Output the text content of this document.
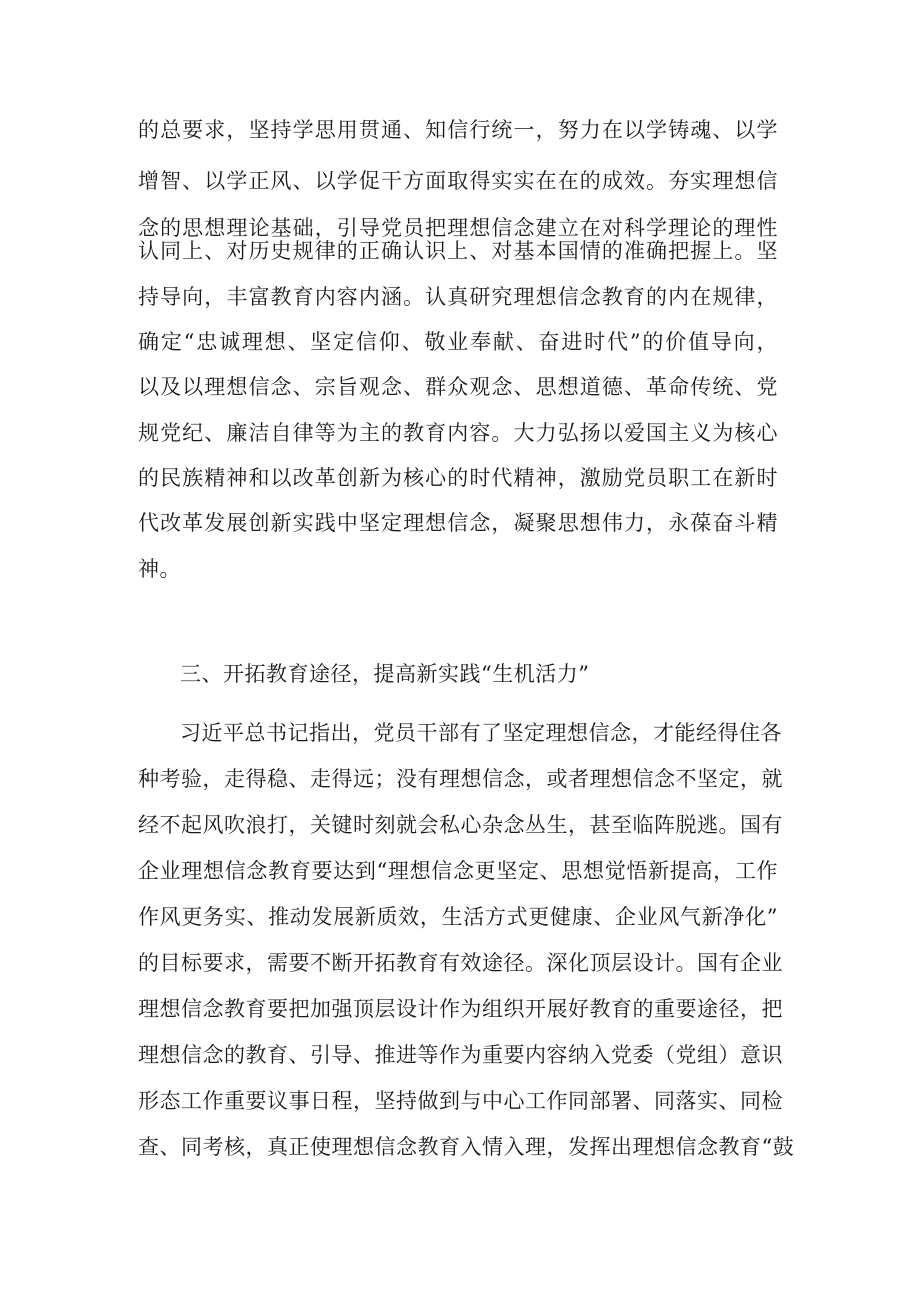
的总要求，坚持学思用贯通、知信行统一，努力在以学铸魂、以学

增智、以学正风、以学促干方面取得实实在在的成效。夯实理想信

念的思想理论基础，引导党员把理想信念建立在对科学理论的理性

认同上、对历史规律的正确认识上、对基本国情的准确把握上。坚

持导向，丰富教育内容内涵。认真研究理想信念教育的内在规律，

确定“忠诚理想、坚定信仰、敬业奉献、奋进时代”的价值导向，

以及以理想信念、宗旨观念、群众观念、思想道德、革命传统、党

规党纪、廉洁自律等为主的教育内容。大力弘扬以爱国主义为核心

的民族精神和以改革创新为核心的时代精神，激励党员职工在新时

代改革发展创新实践中坚定理想信念，凝聚思想伟力，永葆奋斗精

神。

三、开拓教育途径，提高新实践“生机活力”

习近平总书记指出，党员干部有了坚定理想信念，才能经得住各

种考验，走得稳、走得远；没有理想信念，或者理想信念不坚定，就

经不起风吹浪打，关键时刻就会私心杂念丛生，甚至临阵脱逃。国有

企业理想信念教育要达到“理想信念更坚定、思想觉悟新提高，工作

作风更务实、推动发展新质效，生活方式更健康、企业风气新净化”

的目标要求，需要不断开拓教育有效途径。深化顶层设计。国有企业

理想信念教育要把加强顶层设计作为组织开展好教育的重要途径，把

理想信念的教育、引导、推进等作为重要内容纳入党委（党组）意识

形态工作重要议事日程，坚持做到与中心工作同部署、同落实、同检

查、同考核，真正使理想信念教育入情入理，发挥出理想信念教育“鼓
